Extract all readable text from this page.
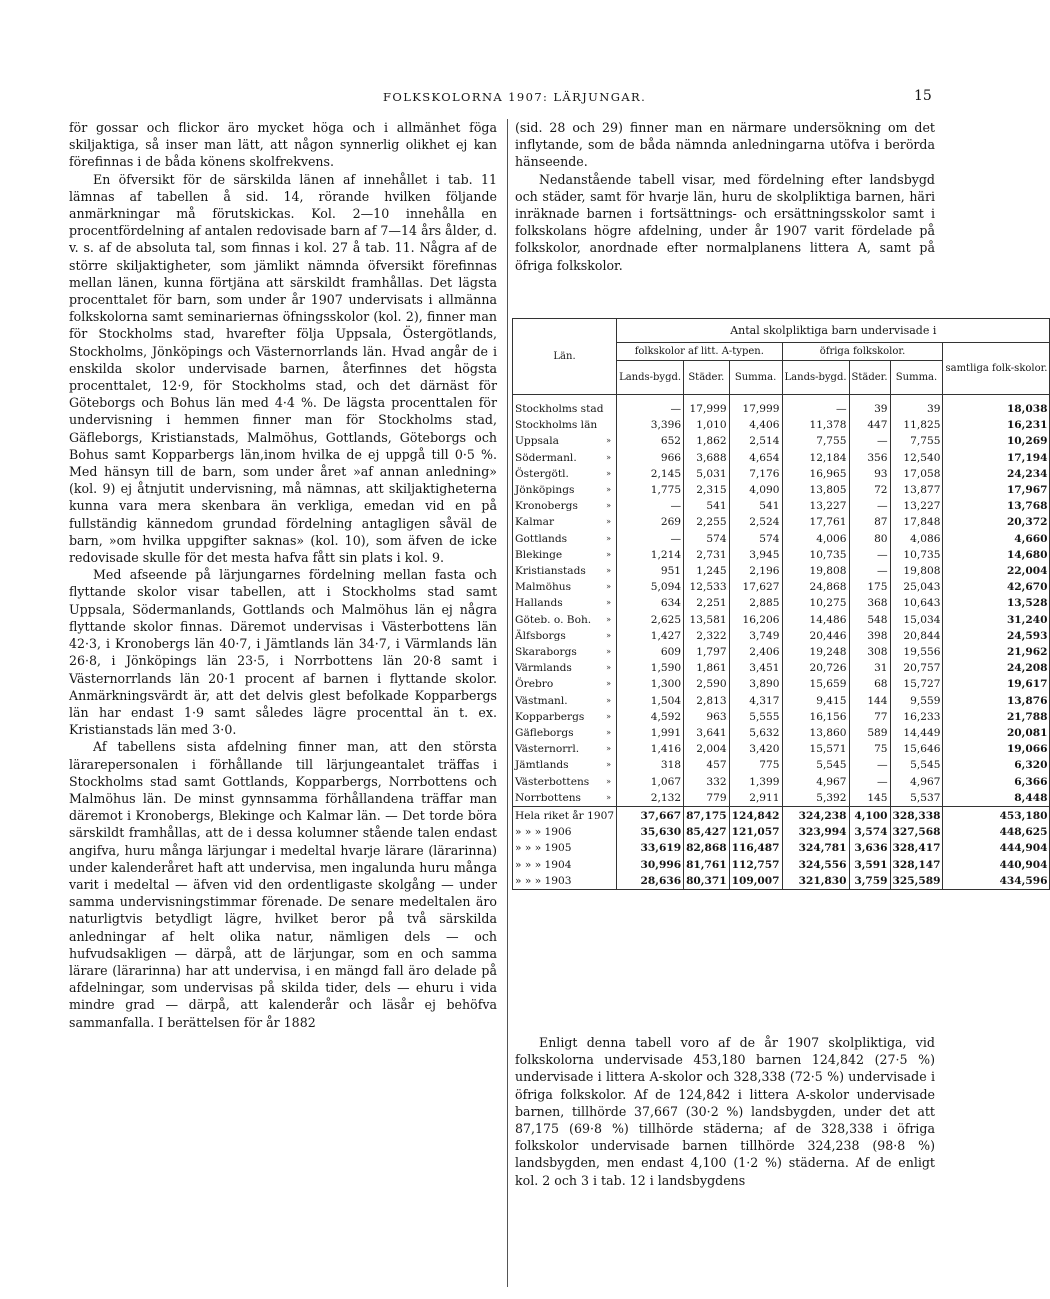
FOLKSKOLORNA 1907: LÄRJUNGAR.	15

för gossar och flickor äro mycket höga och i allmänhet föga skiljaktiga, så inser man lätt, att någon synnerlig olikhet ej kan förefinnas i de båda könens skolfrekvens.

En öfversikt för de särskilda länen af innehållet i tab. 11 lämnas af tabellen å sid. 14, rörande hvilken följande anmärkningar må förutskickas. Kol. 2—10 innehålla en procentfördelning af antalen redovisade barn af 7—14 års ålder, d. v. s. af de absoluta tal, som finnas i kol. 27 å tab. 11. Några af de större skiljaktigheter, som jämlikt nämnda öfversikt förefinnas mellan länen, kunna förtjäna att särskildt framhållas. Det lägsta procenttalet för barn, som under år 1907 undervisats i allmänna folkskolorna samt seminariernas öfningsskolor (kol. 2), finner man för Stockholms stad, hvarefter följa Uppsala, Östergötlands, Stockholms, Jönköpings och Västernorrlands län. Hvad angår de i enskilda skolor undervisade barnen, återfinnes det högsta procenttalet, 12·9, för Stockholms stad, och det därnäst för Göteborgs och Bohus län med 4·4 %. De lägsta procenttalen för undervisning i hemmen finner man för Stockholms stad, Gäfleborgs, Kristianstads, Malmöhus, Gottlands, Göteborgs och Bohus samt Kopparbergs län,inom hvilka de ej uppgå till 0·5 %. Med hänsyn till de barn, som under året »af annan anledning» (kol. 9) ej åtnjutit undervisning, må nämnas, att skiljaktigheterna kunna vara mera skenbara än verkliga, emedan vid en på fullständig kännedom grundad fördelning antagligen såväl de barn, »om hvilka uppgifter saknas» (kol. 10), som äfven de icke redovisade skulle för det mesta hafva fått sin plats i kol. 9.

Med afseende på lärjungarnes fördelning mellan fasta och flyttande skolor visar tabellen, att i Stockholms stad samt Uppsala, Södermanlands, Gottlands och Malmöhus län ej några flyttande skolor finnas. Däremot undervisas i Västerbottens län 42·3, i Kronobergs län 40·7, i Jämtlands län 34·7, i Värmlands län 26·8, i Jönköpings län 23·5, i Norrbottens län 20·8 samt i Västernorrlands län 20·1 procent af barnen i flyttande skolor. Anmärkningsvärdt är, att det delvis glest befolkade Kopparbergs län har endast 1·9 samt således lägre procenttal än t. ex. Kristianstads län med 3·0.

Af tabellens sista afdelning finner man, att den största lärarepersonalen i förhållande till lärjungeantalet träffas i Stockholms stad samt Gottlands, Kopparbergs, Norrbottens och Malmöhus län. De minst gynnsamma förhållandena träffar man däremot i Kronobergs, Blekinge och Kalmar län. — Det torde böra särskildt framhållas, att de i dessa kolumner stående talen endast angifva, huru många lärjungar i medeltal hvarje lärare (lärarinna) under kalenderåret haft att undervisa, men ingalunda huru många varit i medeltal — äfven vid den ordentligaste skolgång — under samma undervisningstimmar förenade. De senare medeltalen äro naturligtvis betydligt lägre, hvilket beror på två särskilda anledningar af helt olika natur, nämligen dels — och hufvudsakligen — därpå, att de lärjungar, som en och samma lärare (lärarinna) har att undervisa, i en mängd fall äro delade på afdelningar, som undervisas på skilda tider, dels — ehuru i vida mindre grad — därpå, att kalenderår och läsår ej behöfva sammanfalla. I berättelsen för år 1882

(sid. 28 och 29) finner man en närmare undersökning om det inflytande, som de båda nämnda anledningarna utöfva i berörda hänseende.

Nedanstående tabell visar, med fördelning efter landsbygd och städer, samt för hvarje län, huru de skolpliktiga barnen, häri inräknade barnen i fortsättnings- och ersättningsskolor samt i folkskolans högre afdelning, under år 1907 varit fördelade på folkskolor, anordnade efter normalplanens littera A, samt på öfriga folkskolor.

Län.	Antal skolpliktiga barn undervisade i						
	folkskolor af litt. A-typen.			öfriga folkskolor.			samtliga folk-skolor.
	Lands-bygd.	Städer.	Summa.	Lands-bygd.	Städer.	Summa.	
Stockholms stad	—	17,999	17,999	—	39	39	18,038
Stockholms län	3,396	1,010	4,406	11,378	447	11,825	16,231

»
Uppsala	652	1,862	2,514	7,755	—	7,755	10,269

»
Södermanl.	966	3,688	4,654	12,184	356	12,540	17,194

»
Östergötl.	2,145	5,031	7,176	16,965	93	17,058	24,234

»
Jönköpings	1,775	2,315	4,090	13,805	72	13,877	17,967

»
Kronobergs	—	541	541	13,227	—	13,227	13,768

»
Kalmar	269	2,255	2,524	17,761	87	17,848	20,372

»
Gottlands	—	574	574	4,006	80	4,086	4,660

»
Blekinge	1,214	2,731	3,945	10,735	—	10,735	14,680

»
Kristianstads	951	1,245	2,196	19,808	—	19,808	22,004

»
Malmöhus	5,094	12,533	17,627	24,868	175	25,043	42,670

»
Hallands	634	2,251	2,885	10,275	368	10,643	13,528

»
Göteb. o. Boh.	2,625	13,581	16,206	14,486	548	15,034	31,240

»
Älfsborgs	1,427	2,322	3,749	20,446	398	20,844	24,593

»
Skaraborgs	609	1,797	2,406	19,248	308	19,556	21,962

»
Värmlands	1,590	1,861	3,451	20,726	31	20,757	24,208

»
Örebro	1,300	2,590	3,890	15,659	68	15,727	19,617

»
Västmanl.	1,504	2,813	4,317	9,415	144	9,559	13,876

»
Kopparbergs	4,592	963	5,555	16,156	77	16,233	21,788

»
Gäfleborgs	1,991	3,641	5,632	13,860	589	14,449	20,081

»
Västernorrl.	1,416	2,004	3,420	15,571	75	15,646	19,066

»
Jämtlands	318	457	775	5,545	—	5,545	6,320

»
Västerbottens	1,067	332	1,399	4,967	—	4,967	6,366

»
Norrbottens	2,132	779	2,911	5,392	145	5,537	8,448
Hela riket år 1907	37,667	87,175	124,842	324,238	4,100	328,338	453,180
» » » 1906	35,630	85,427	121,057	323,994	3,574	327,568	448,625
» » » 1905	33,619	82,868	116,487	324,781	3,636	328,417	444,904
» » » 1904	30,996	81,761	112,757	324,556	3,591	328,147	440,904
» » » 1903	28,636	80,371	109,007	321,830	3,759	325,589	434,596

Enligt denna tabell voro af de år 1907 skolpliktiga, vid folkskolorna undervisade 453,180 barnen 124,842 (27·5 %) undervisade i littera A-skolor och 328,338 (72·5 %) undervisade i öfriga folkskolor. Af de 124,842 i littera A-skolor undervisade barnen, tillhörde 37,667 (30·2 %) landsbygden, under det att 87,175 (69·8 %) tillhörde städerna; af de 328,338 i öfriga folkskolor undervisade barnen tillhörde 324,238 (98·8 %) landsbygden, men endast 4,100 (1·2 %) städerna. Af de enligt kol. 2 och 3 i tab. 12 i landsbygdens
